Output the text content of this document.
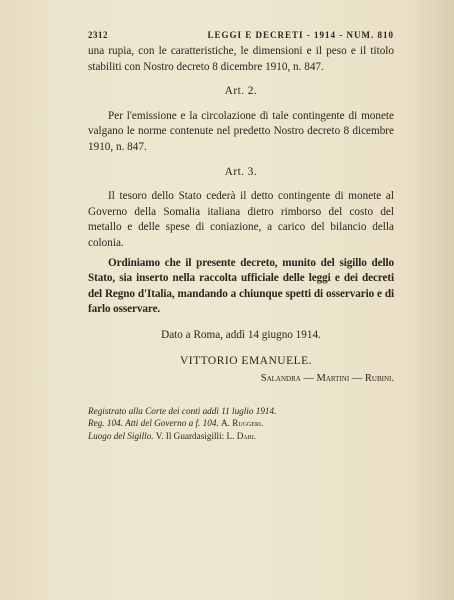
2312	LEGGI E DECRETI - 1914 - NUM. 810

una rupia, con le caratteristiche, le dimensioni e il peso e il titolo stabiliti con Nostro decreto 8 dicembre 1910, n. 847.

Art. 2.

Per l'emissione e la circolazione di tale contingente di monete valgano le norme contenute nel predetto Nostro decreto 8 dicembre 1910, n. 847.

Art. 3.

Il tesoro dello Stato cederà il detto contingente di monete al Governo della Somalia italiana dietro rimborso del costo del metallo e delle spese di coniazione, a carico del bilancio della colonia.

Ordiniamo che il presente decreto, munito del sigillo dello Stato, sia inserto nella raccolta ufficiale delle leggi e dei decreti del Regno d'Italia, mandando a chiunque spetti di osservario e di farlo osservare.

Dato a Roma, addì 14 giugno 1914.

VITTORIO EMANUELE.

Salandra — Martini — Rubini.

Registrato alla Corte dei conti addì 11 luglio 1914.

Reg. 104. Atti del Governo a f. 104. A. Ruggeri.

Luogo del Sigillo. V. Il Guardasigilli: L. Dari.
